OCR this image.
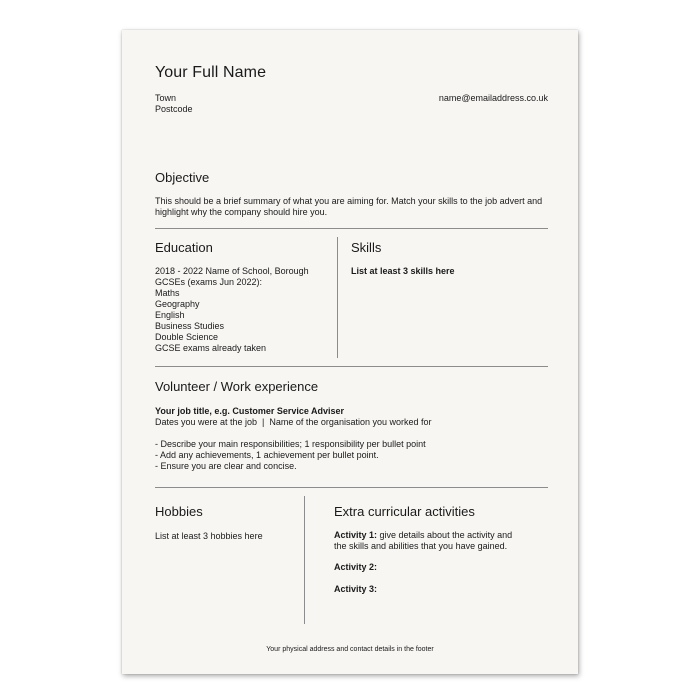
Your Full Name
Town
Postcode
name@emailaddress.co.uk
Objective
This should be a brief summary of what you are aiming for. Match your skills to the job advert and highlight why the company should hire you.
Education
2018 - 2022 Name of School, Borough
GCSEs (exams Jun 2022):
Maths
Geography
English
Business Studies
Double Science
GCSE exams already taken
Skills
List at least 3 skills here
Volunteer / Work experience
Your job title, e.g. Customer Service Adviser
Dates you were at the job  |  Name of the organisation you worked for
- Describe your main responsibilities; 1 responsibility per bullet point
- Add any achievements, 1 achievement per bullet point.
- Ensure you are clear and concise.
Hobbies
List at least 3 hobbies here
Extra curricular activities
Activity 1: give details about the activity and
the skills and abilities that you have gained.
Activity 2:
Activity 3:
Your physical address and contact details in the footer
